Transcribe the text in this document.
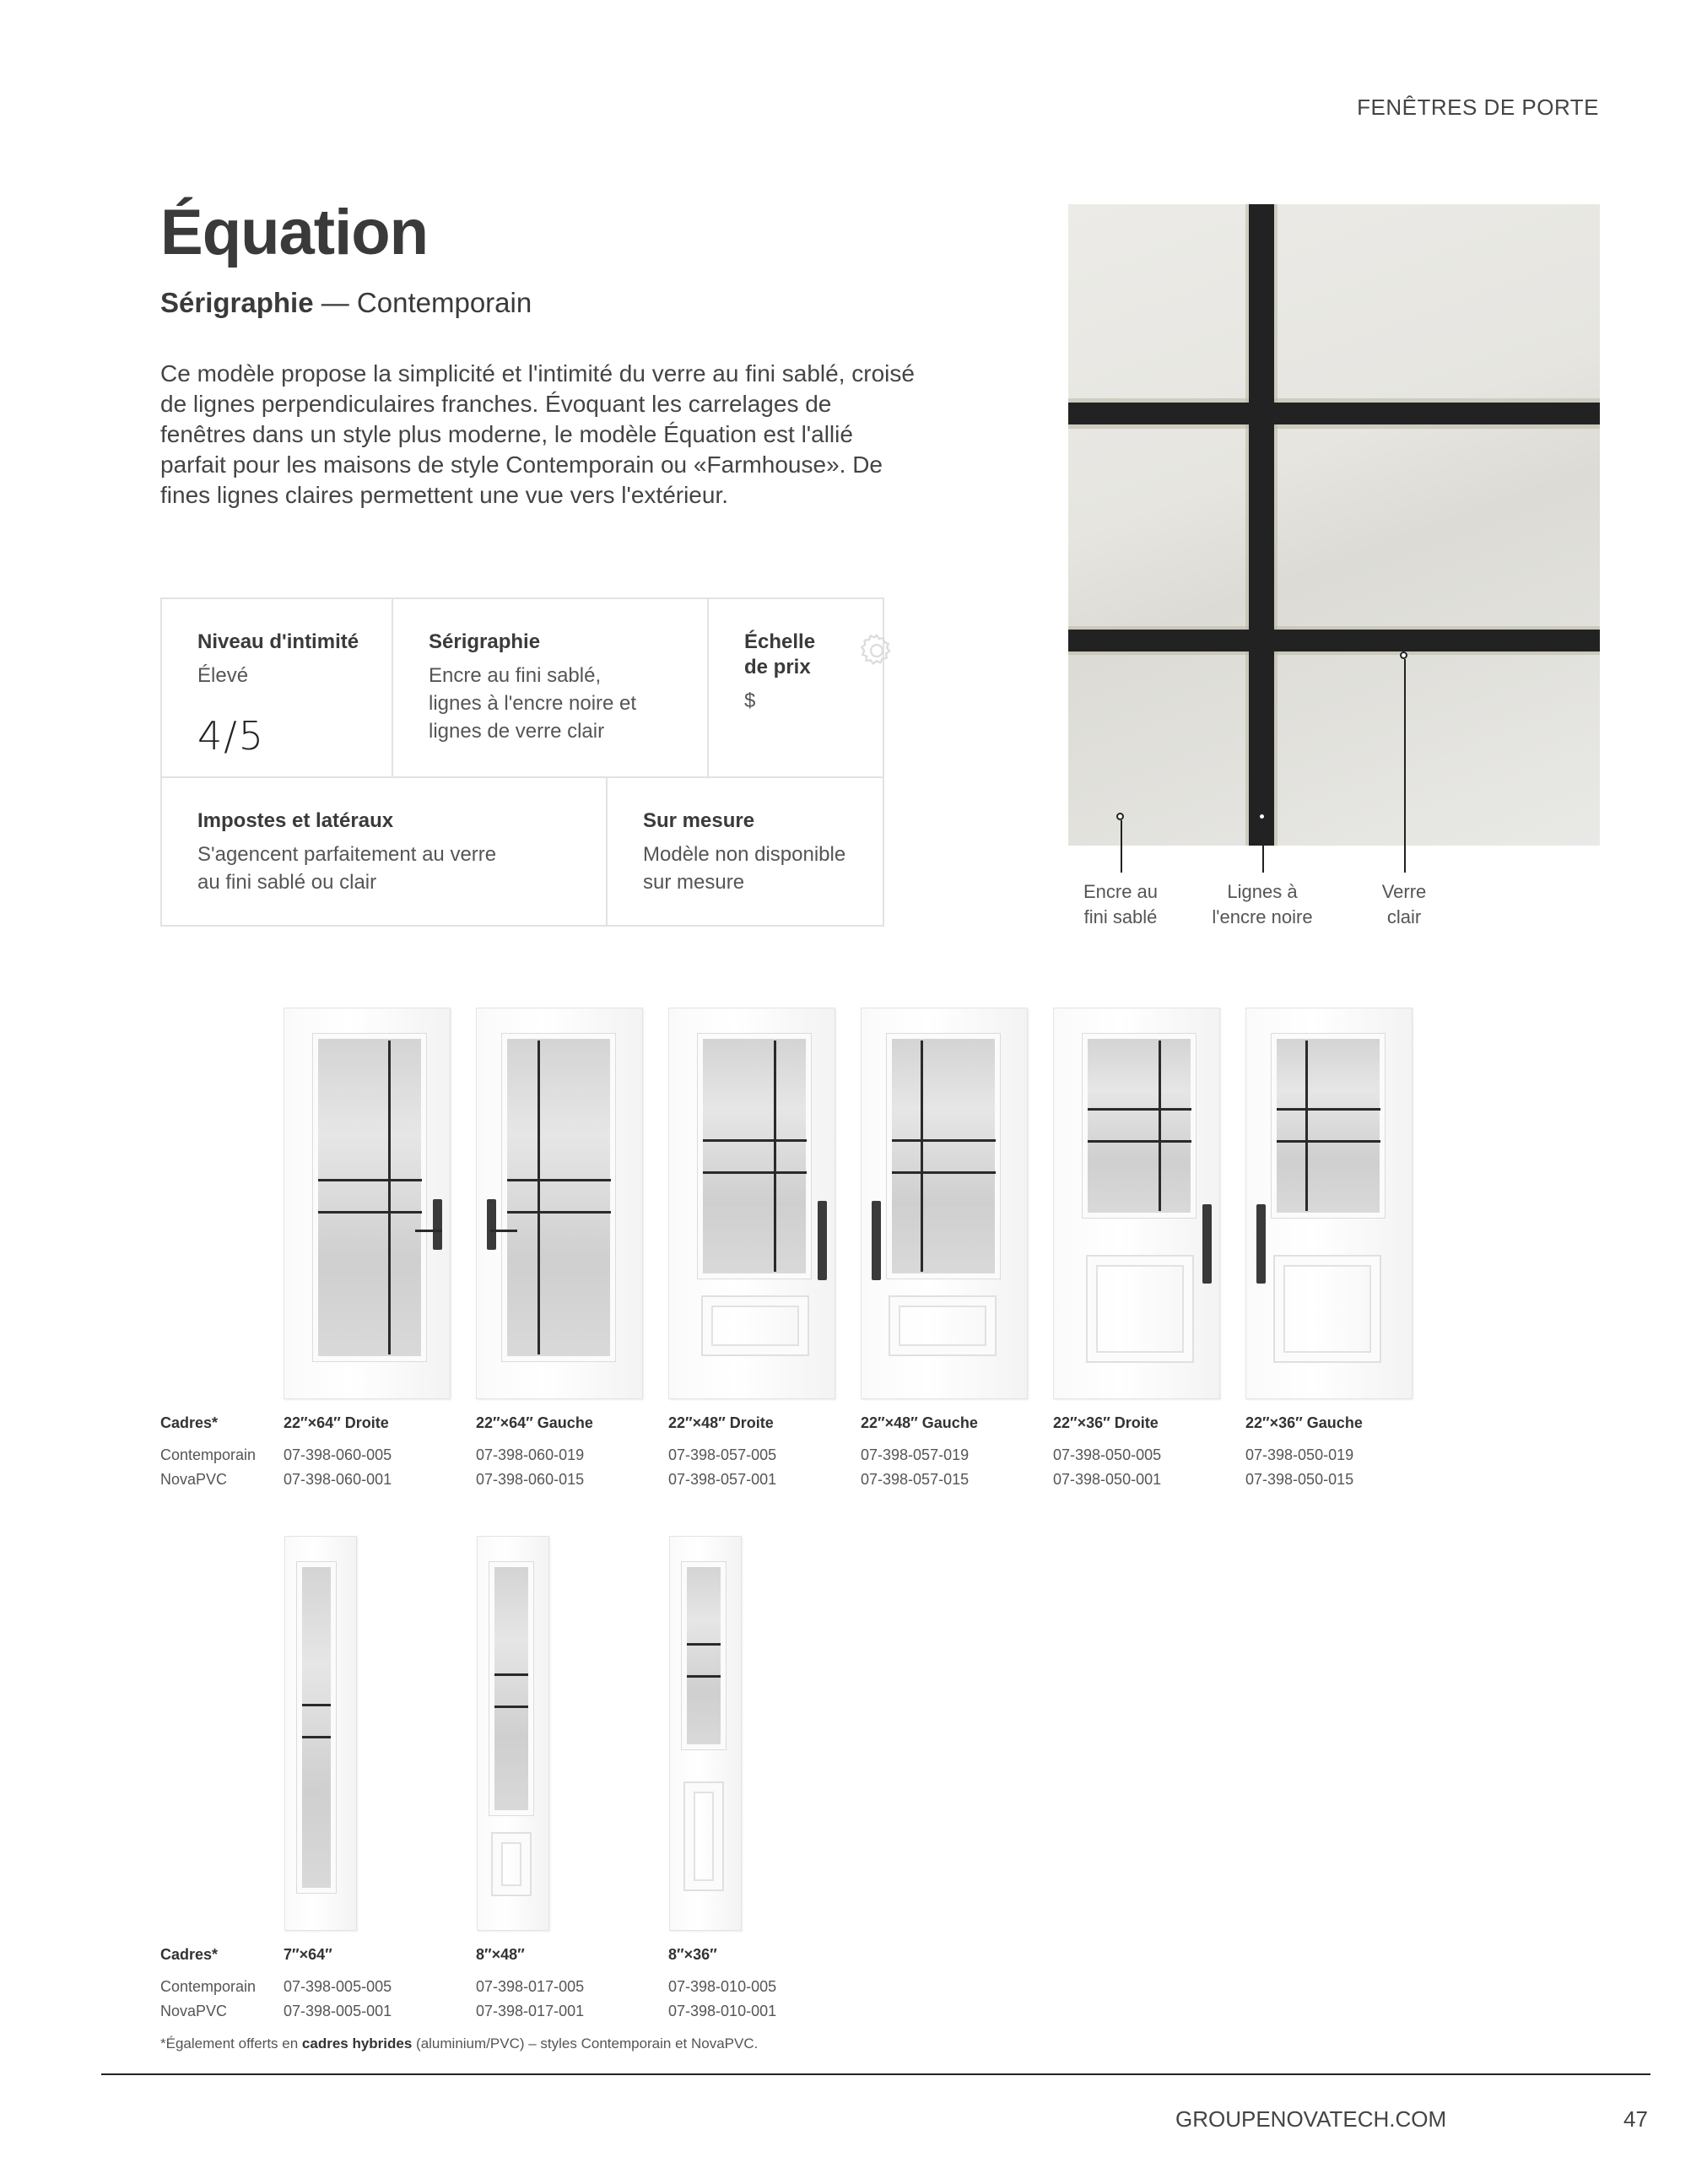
FENÊTRES DE PORTE
Équation
Sérigraphie — Contemporain

Ce modèle propose la simplicité et l'intimité du verre au fini sablé, croisé de lignes perpendiculaires franches. Évoquant les carrelages de fenêtres dans un style plus moderne, le modèle Équation est l'allié parfait pour les maisons de style Contemporain ou «Farmhouse». De fines lignes claires permettent une vue vers l'extérieur.

Niveau d'intimité

Élevé

4/5
Sérigraphie

Encre au fini sablé, lignes à l'encre noire et lignes de verre clair

Échelle de prix

$

Impostes et latéraux

S'agencent parfaitement au verre au fini sablé ou clair

Sur mesure

Modèle non disponible sur mesure	Encre au
fini sablé
Lignes à
l'encre noire
Verre
clair
Cadres*	22″×64″ Droite	22″×64″ Gauche	22″×48″ Droite	22″×48″ Gauche	22″×36″ Droite	22″×36″ Gauche
Contemporain 07-398-060-005	07-398-060-019	07-398-057-005	07-398-057-019	07-398-050-005	07-398-050-019
NovaPVC	07-398-060-001	07-398-060-015	07-398-057-001	07-398-057-015	07-398-050-001	07-398-050-015
Cadres*	7″×64″	8″×48″	8″×36″
Contemporain 07-398-005-005	07-398-017-005	07-398-010-005
NovaPVC	07-398-005-001	07-398-017-001	07-398-010-001
*Également offerts en cadres hybrides (aluminium/PVC) – styles Contemporain et NovaPVC.
GROUPENOVATECH.COM	47
